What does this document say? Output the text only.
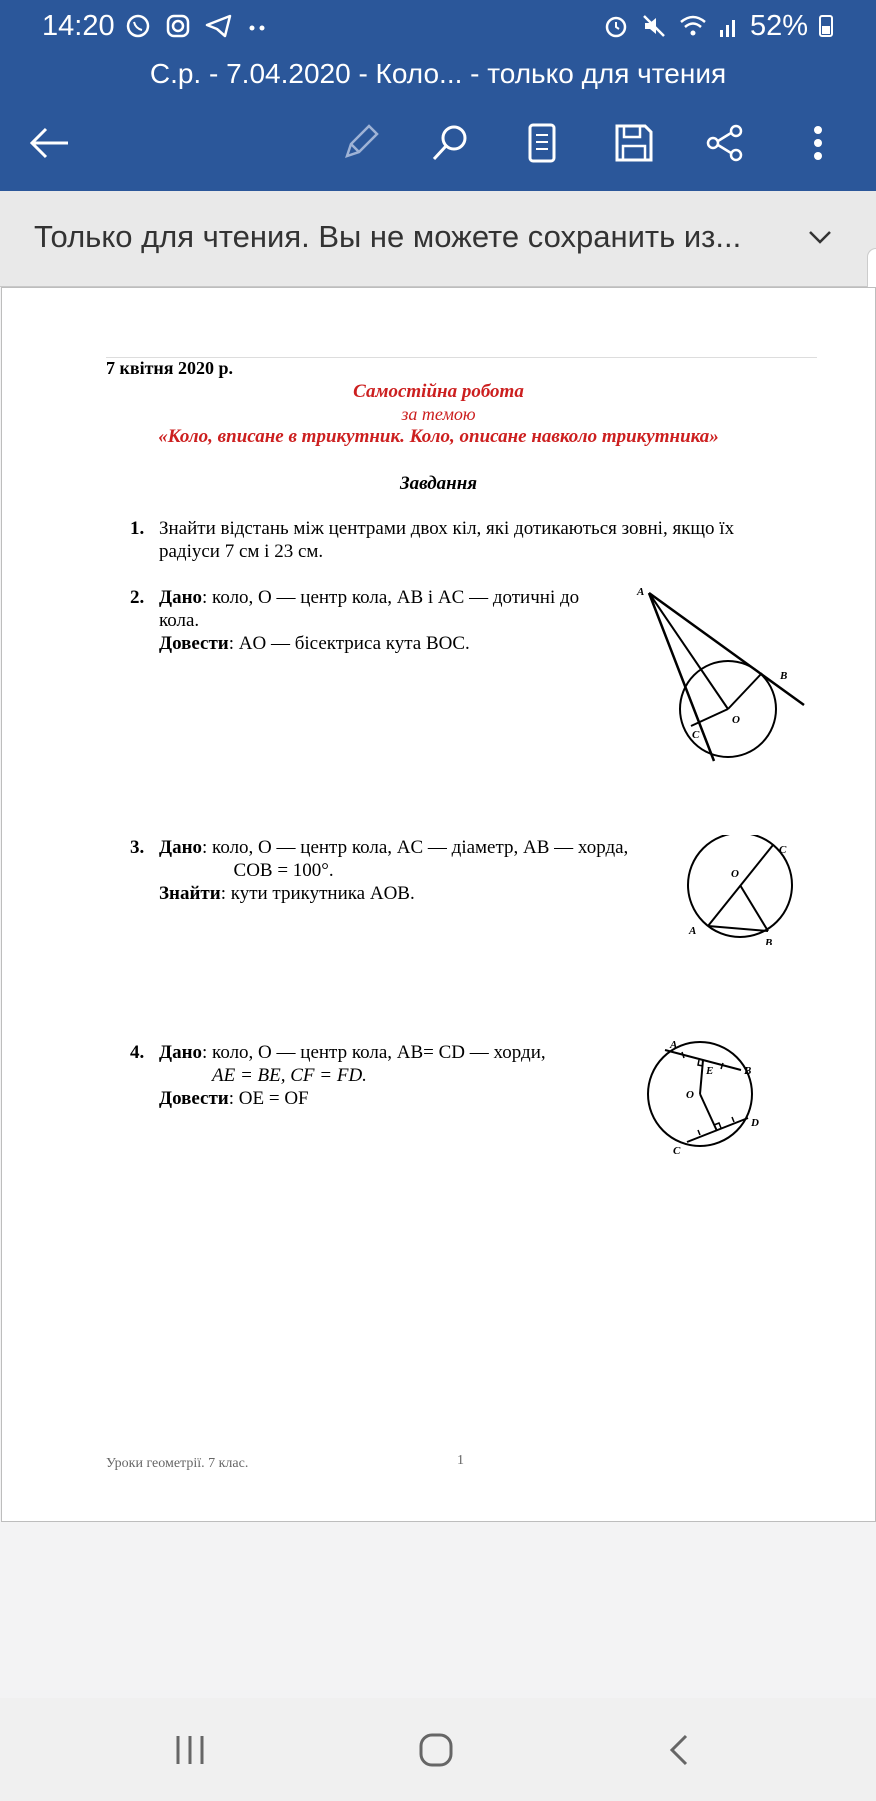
14:20	52%
С.р. - 7.04.2020 - Коло... - только для чтения
Только для чтения. Вы не можете сохранить из...
7 квітня 2020 р.
Самостійна робота
за темою
«Коло, вписане в трикутник. Коло, описане навколо трикутника»
Завдання
1. Знайти відстань між центрами двох кіл, які дотикаються зовні, якщо їх
радіуси 7 см і 23 см.
2. Дано: коло, O — центр кола, AB і AC — дотичні до
кола.
Довести: AO — бісектриса кута BOC.
3. Дано: коло, O — центр кола, AC — діаметр, AB — хорда,
  COB = 100°.
Знайти: кути трикутника AOB.
4. Дано: коло, O — центр кола, AB= CD — хорди,
AE = BE, CF = FD.
Довести: OE = OF
A
B
C
O
C
O
A
B
A
B
E
O
D
C
Уроки геометрії. 7 клас.	1
